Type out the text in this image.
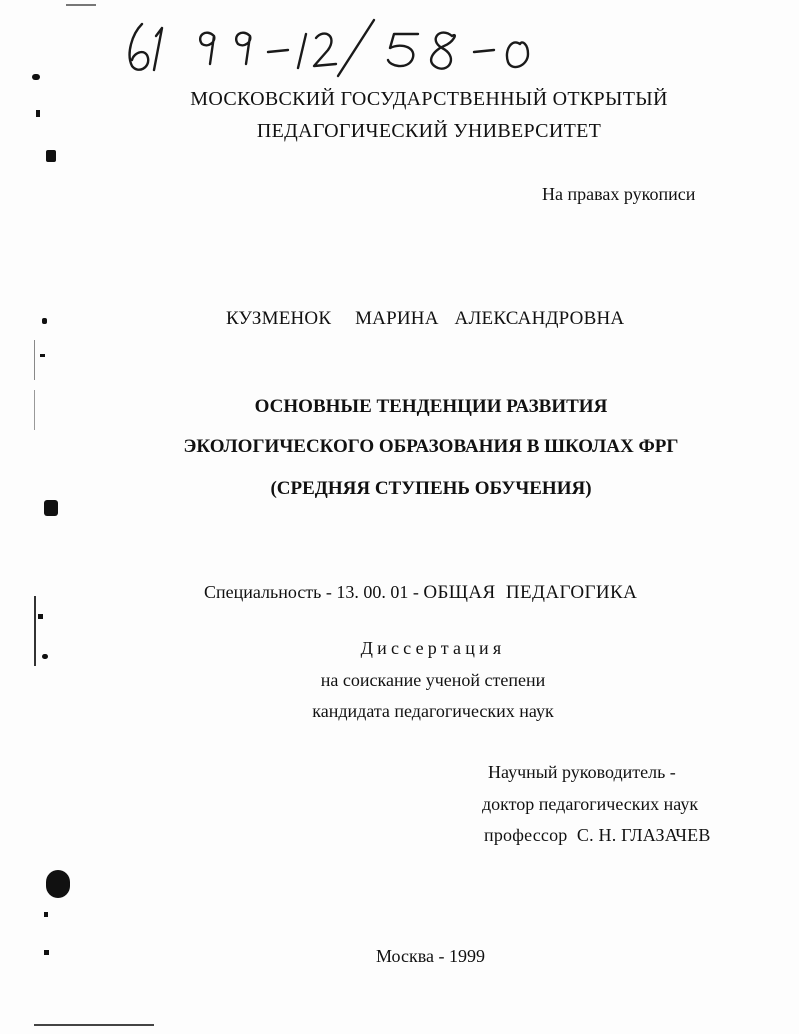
МОСКОВСКИЙ ГОСУДАРСТВЕННЫЙ ОТКРЫТЫЙ
ПЕДАГОГИЧЕСКИЙ УНИВЕРСИТЕТ
На правах рукописи
КУЗМЕНОК   МАРИНА  АЛЕКСАНДРОВНА
ОСНОВНЫЕ ТЕНДЕНЦИИ РАЗВИТИЯ
ЭКОЛОГИЧЕСКОГО ОБРАЗОВАНИЯ В ШКОЛАХ ФРГ
(СРЕДНЯЯ СТУПЕНЬ ОБУЧЕНИЯ)
Специальность - 13. 00. 01 - ОБЩАЯ  ПЕДАГОГИКА
Диссертация
на соискание ученой степени
кандидата педагогических наук
Научный руководитель -
доктор педагогических наук
профессор С. Н. ГЛАЗАЧЕВ
Москва - 1999
